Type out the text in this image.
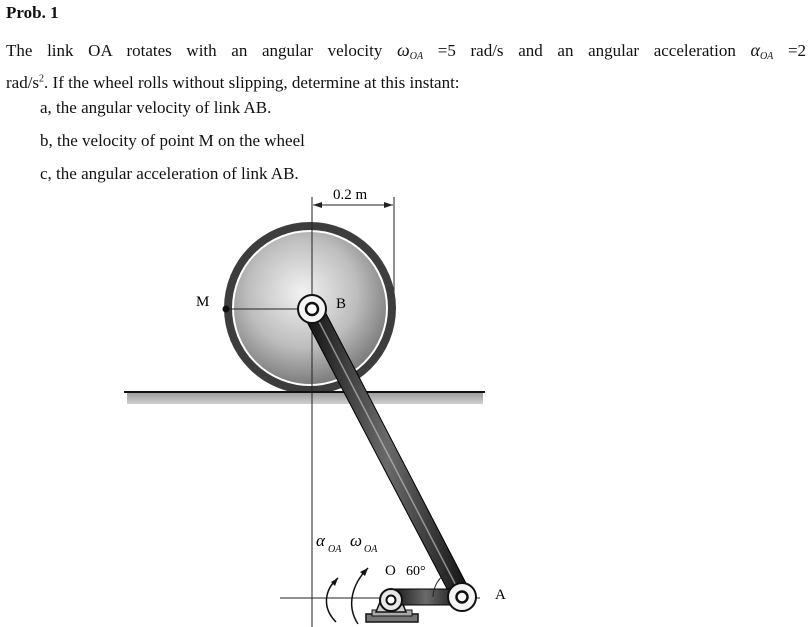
Prob. 1
The link OA rotates with an angular velocity ωOA =5 rad/s and an angular acceleration αOA =2
rad/$s^2$. If the wheel rolls without slipping, determine at this instant:
a, the angular velocity of link AB.
b, the velocity of point M on the wheel
c, the angular acceleration of link AB.
0.2 m
M	B
60°
O
A
α OA ω OA
